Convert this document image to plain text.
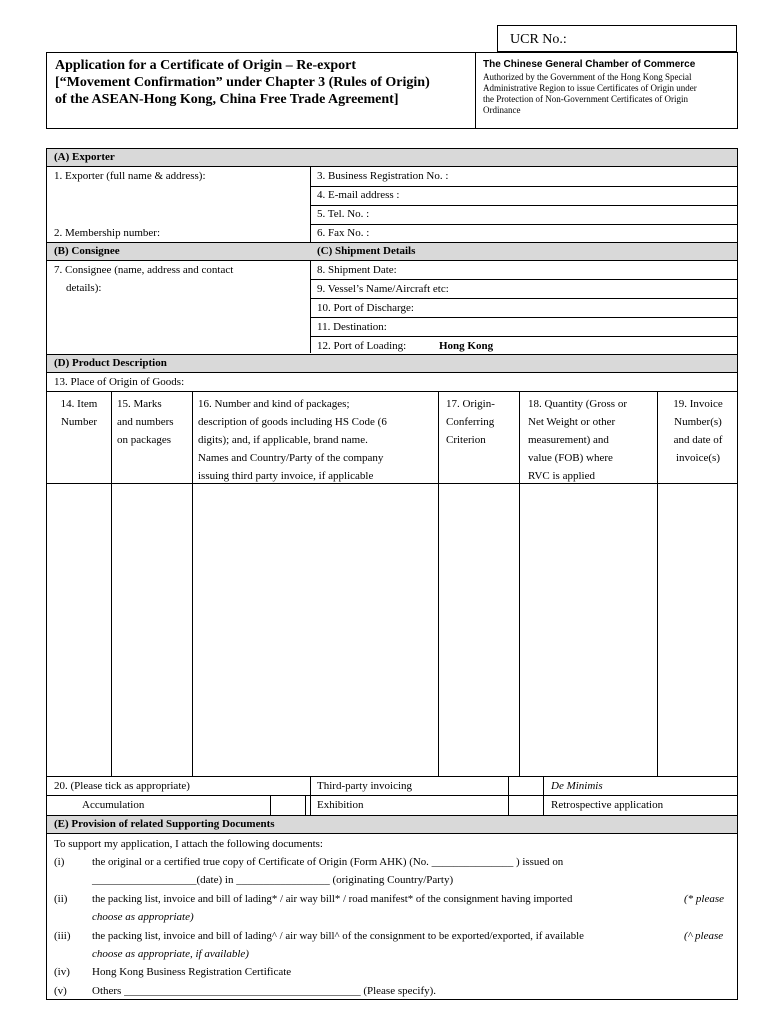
UCR No.:
Application for a Certificate of Origin – Re-export
[“Movement Confirmation” under Chapter 3 (Rules of Origin)
of the ASEAN-Hong Kong, China Free Trade Agreement]
The Chinese General Chamber of Commerce
Authorized by the Government of the Hong Kong Special
Administrative Region to issue Certificates of Origin under
the Protection of Non-Government Certificates of Origin
Ordinance
(A) Exporter
1. Exporter (full name & address):
2. Membership number:
3. Business Registration No. :
4. E-mail address :
5. Tel. No. :
6. Fax No. :
(B) Consignee	(C) Shipment Details
7. Consignee (name, address and contact
details):
8. Shipment Date:
9. Vessel’s Name/Aircraft etc:
10. Port of Discharge:
11. Destination:
12. Port of Loading:	Hong Kong
(D) Product Description
13. Place of Origin of Goods:
14. Item
Number
15. Marks
and numbers
on packages
16. Number and kind of packages;
description of goods including HS Code (6
digits); and, if applicable, brand name.
Names and Country/Party of the company
issuing third party invoice, if applicable
17. Origin-
Conferring
Criterion
18. Quantity (Gross or
Net Weight or other
measurement) and
value (FOB) where
RVC is applied
19. Invoice
Number(s)
and date of
invoice(s)
20. (Please tick as appropriate)
Accumulation
Third-party invoicing
Exhibition
De Minimis
Retrospective application
(E) Provision of related Supporting Documents
To support my application, I attach the following documents:
(i)	the original or a certified true copy of Certificate of Origin (Form AHK) (No. _______________ ) issued on
___________________(date) in _________________ (originating Country/Party)
(ii) the packing list, invoice and bill of lading* / air way bill* / road manifest* of the consignment having imported	(* please
choose as appropriate)
(iii) the packing list, invoice and bill of lading^ / air way bill^ of the consignment to be exported/exported, if available	(^ please
choose as appropriate, if available)
(iv) Hong Kong Business Registration Certificate
(v) Others ___________________________________________ (Please specify).
